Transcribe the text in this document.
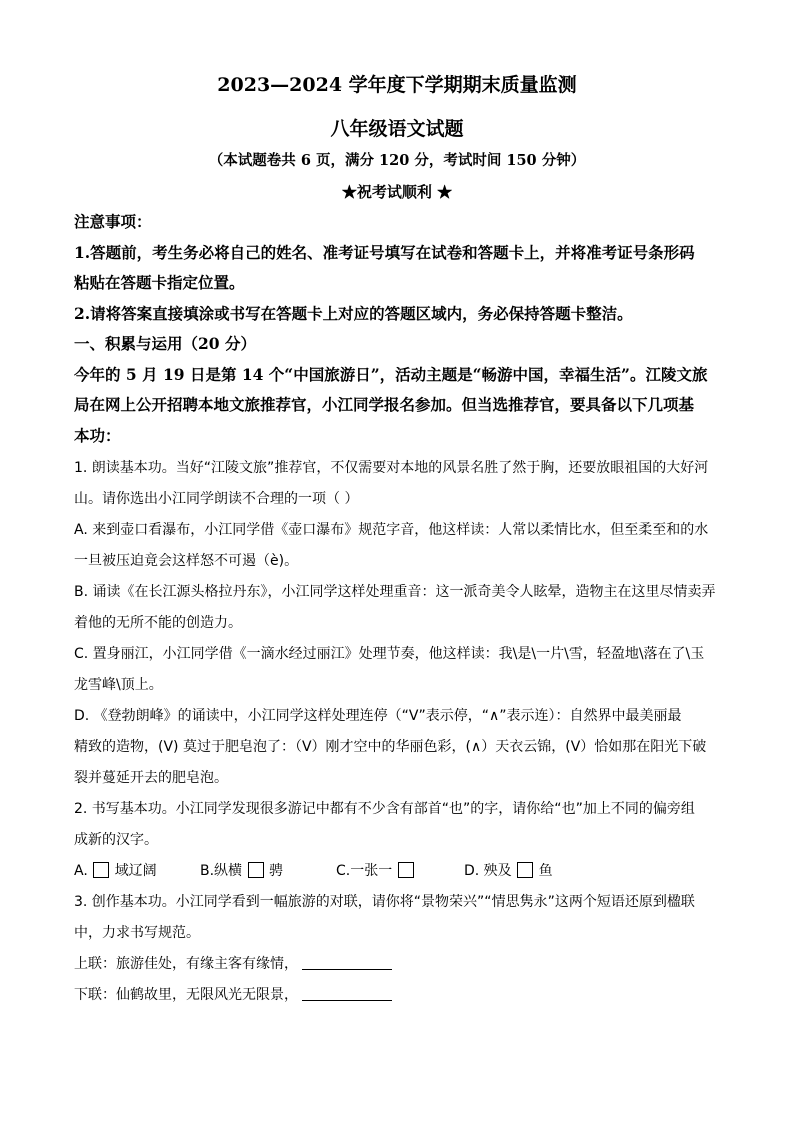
2023—2024 学年度下学期期末质量监测
八年级语文试题
（本试题卷共 6 页，满分 120 分，考试时间 150 分钟）
★祝考试顺利 ★

注意事项：

1.答题前，考生务必将自己的姓名、准考证号填写在试卷和答题卡上，并将准考证号条形码

粘贴在答题卡指定位置。

2.请将答案直接填涂或书写在答题卡上对应的答题区域内，务必保持答题卡整洁。

一、积累与运用（20 分）

今年的 5 月 19 日是第 14 个“中国旅游日”，活动主题是“畅游中国，幸福生活”。江陵文旅

局在网上公开招聘本地文旅推荐官，小江同学报名参加。但当选推荐官，要具备以下几项基

本功：

1. 朗读基本功。当好“江陵文旅”推荐官，不仅需要对本地的风景名胜了然于胸，还要放眼祖国的大好河

山。请你选出小江同学朗读不合理的一项（ ）

A. 来到壶口看瀑布，小江同学借《壶口瀑布》规范字音，他这样读：人常以柔情比水，但至柔至和的水

一旦被压迫竟会这样怒不可遏（è)。

B. 诵读《在长江源头格拉丹东》，小江同学这样处理重音：这一派奇美令人眩晕，造物主在这里尽情卖弄

着他的无所不能的创造力。

C. 置身丽江，小江同学借《一滴水经过丽江》处理节奏，他这样读：我\是\一片\雪，轻盈地\落在了\玉

龙雪峰\顶上。

D. 《登勃朗峰》的诵读中，小江同学这样处理连停（“V”表示停，“∧”表示连）：自然界中最美丽最

精致的造物，(V) 莫过于肥皂泡了：（V）刚才空中的华丽色彩，(∧）天衣云锦，(V）恰如那在阳光下破

裂并蔓延开去的肥皂泡。

2. 书写基本功。小江同学发现很多游记中都有不少含有部首“也”的字，请你给“也”加上不同的偏旁组

成新的汉字。

A. 域辽阔	B.纵横 骋	C.一张一	D. 殃及 鱼

3. 创作基本功。小江同学看到一幅旅游的对联，请你将“景物荣兴”“情思隽永”这两个短语还原到楹联

中，力求书写规范。

上联：旅游佳处，有缘主客有缘情，

下联：仙鹤故里，无限风光无限景，
